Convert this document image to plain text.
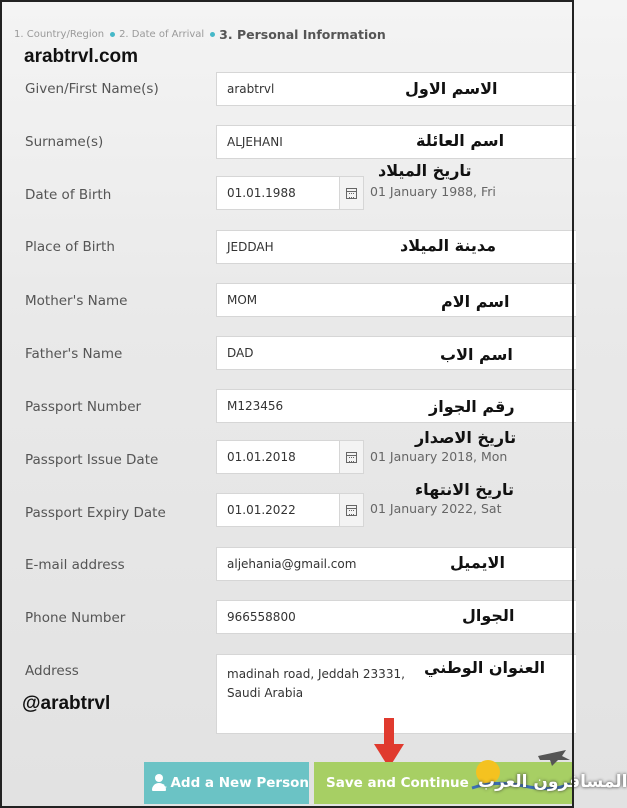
1. Country/Region 2. Date of Arrival 3. Personal Information
arabtrvl.com
Given/First Name(s)	arabtrvl	الاسم الاول
Surname(s)	ALJEHANI	اسم العائلة
Date of Birth	01.01.1988
تاريخ الميلاد
01 January 1988, Fri
Place of Birth	JEDDAH	مدينة الميلاد
Mother's Name	MOM	اسم الام
Father's Name	DAD	اسم الاب
Passport Number	M123456	رقم الجواز
Passport Issue Date	01.01.2018
تاريخ الاصدار
01 January 2018, Mon
Passport Expiry Date	01.01.2022
تاريخ الانتهاء
01 January 2022, Sat
E-mail address	aljehania@gmail.com	الايميل
Phone Number	966558800	الجوال
Address	madinah road, Jeddah 23331,
Saudi Arabia
العنوان الوطني
@arabtrvl
+ Add a New Person Save and Continue المسافرون العرب
